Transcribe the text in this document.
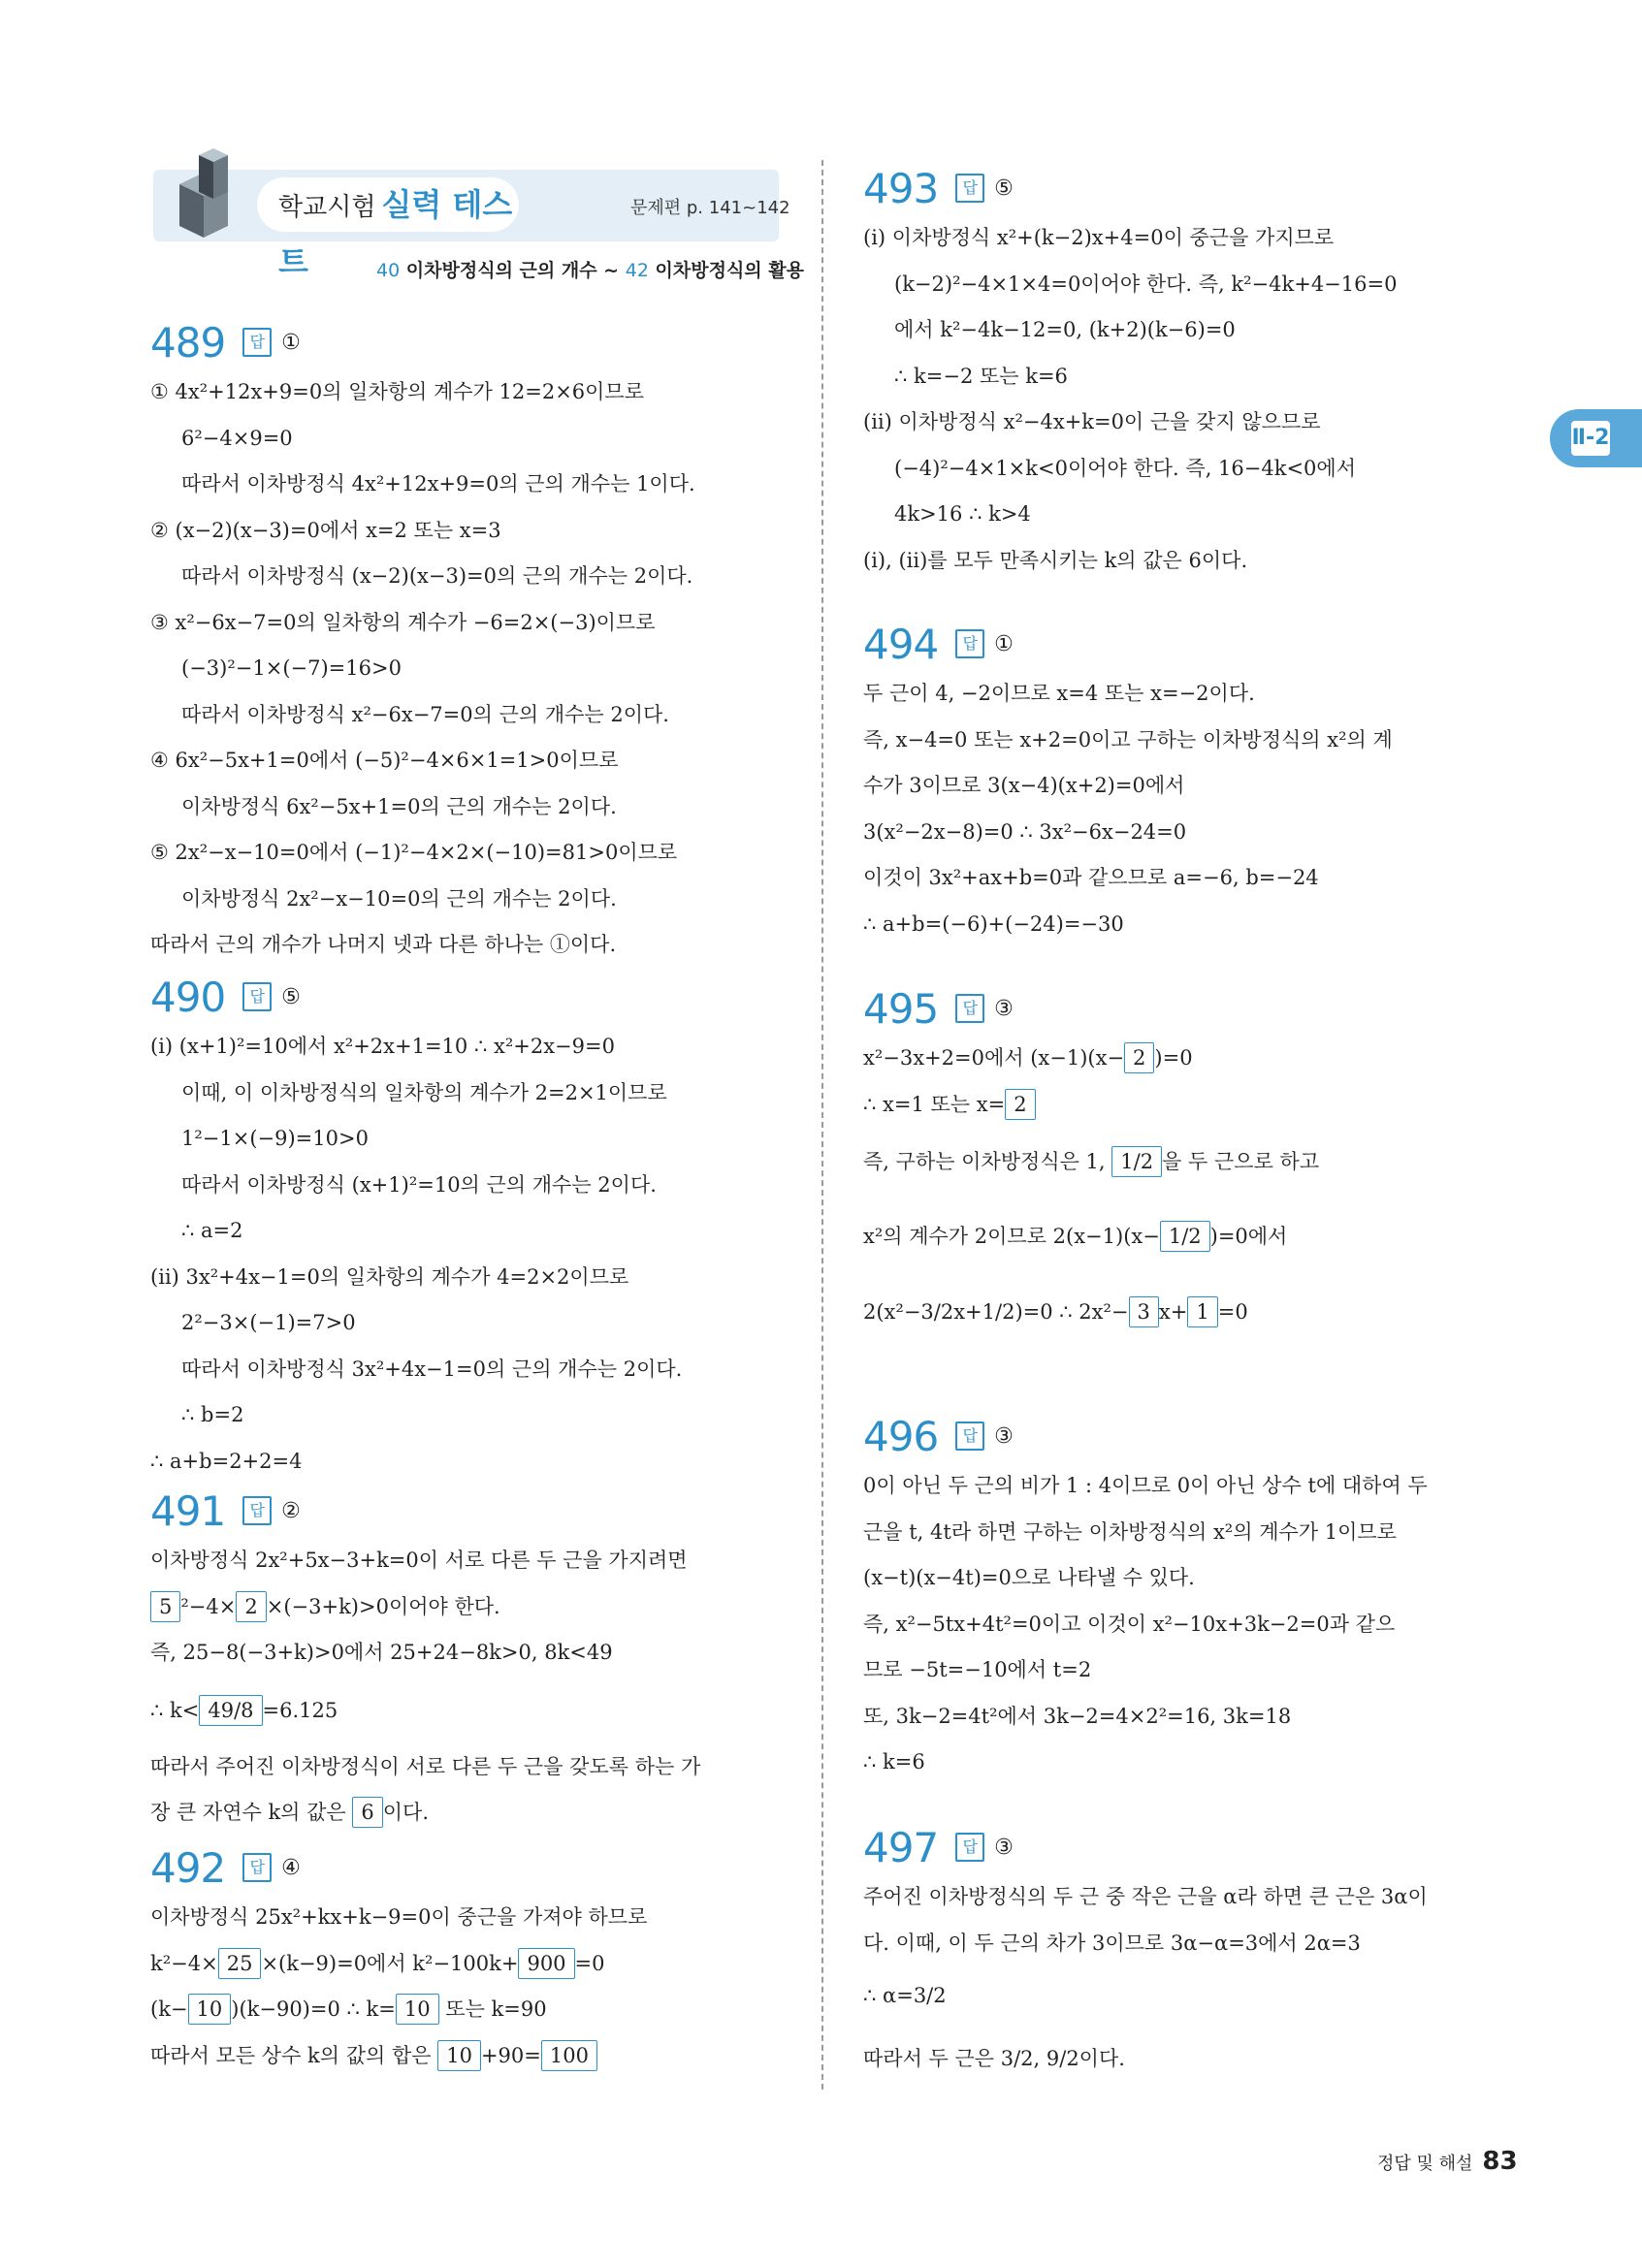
학교시험 실력 테스트
문제편 p. 141~142
40 이차방정식의 근의 개수 ~ 42 이차방정식의 활용
489	답 ①
① 4x²+12x+9=0의 일차항의 계수가 12=2×6이므로
6²−4×9=0
따라서 이차방정식 4x²+12x+9=0의 근의 개수는 1이다.
② (x−2)(x−3)=0에서 x=2 또는 x=3
따라서 이차방정식 (x−2)(x−3)=0의 근의 개수는 2이다.
③ x²−6x−7=0의 일차항의 계수가 −6=2×(−3)이므로
(−3)²−1×(−7)=16>0
따라서 이차방정식 x²−6x−7=0의 근의 개수는 2이다.
④ 6x²−5x+1=0에서 (−5)²−4×6×1=1>0이므로
이차방정식 6x²−5x+1=0의 근의 개수는 2이다.
⑤ 2x²−x−10=0에서 (−1)²−4×2×(−10)=81>0이므로
이차방정식 2x²−x−10=0의 근의 개수는 2이다.
따라서 근의 개수가 나머지 넷과 다른 하나는 ①이다.
490	답 ⑤
(ⅰ) (x+1)²=10에서 x²+2x+1=10 ∴ x²+2x−9=0
이때, 이 이차방정식의 일차항의 계수가 2=2×1이므로
1²−1×(−9)=10>0
따라서 이차방정식 (x+1)²=10의 근의 개수는 2이다.
∴ a=2
(ⅱ) 3x²+4x−1=0의 일차항의 계수가 4=2×2이므로
2²−3×(−1)=7>0
따라서 이차방정식 3x²+4x−1=0의 근의 개수는 2이다.
∴ b=2
∴ a+b=2+2=4
491	답 ②
이차방정식 2x²+5x−3+k=0이 서로 다른 두 근을 가지려면
5 ²−4× 2 ×(−3+k)>0이어야 한다.
즉, 25−8(−3+k)>0에서 25+24−8k>0, 8k<49
∴ k< 49/8 =6.125
따라서 주어진 이차방정식이 서로 다른 두 근을 갖도록 하는 가
장 큰 자연수 k의 값은 6 이다.
492	답 ④
이차방정식 25x²+kx+k−9=0이 중근을 가져야 하므로
k²−4× 25 ×(k−9)=0에서 k²−100k+ 900 =0
(k− 10 )(k−90)=0 ∴ k= 10 또는 k=90
따라서 모든 상수 k의 값의 합은 10 +90= 100
493	답 ⑤
(ⅰ) 이차방정식 x²+(k−2)x+4=0이 중근을 가지므로
(k−2)²−4×1×4=0이어야 한다. 즉, k²−4k+4−16=0
에서 k²−4k−12=0, (k+2)(k−6)=0
∴ k=−2 또는 k=6
(ⅱ) 이차방정식 x²−4x+k=0이 근을 갖지 않으므로
(−4)²−4×1×k<0이어야 한다. 즉, 16−4k<0에서
4k>16 ∴ k>4
(ⅰ), (ⅱ)를 모두 만족시키는 k의 값은 6이다.
494	답 ①
두 근이 4, −2이므로 x=4 또는 x=−2이다.
즉, x−4=0 또는 x+2=0이고 구하는 이차방정식의 x²의 계
수가 3이므로 3(x−4)(x+2)=0에서
3(x²−2x−8)=0 ∴ 3x²−6x−24=0
이것이 3x²+ax+b=0과 같으므로 a=−6, b=−24
∴ a+b=(−6)+(−24)=−30
495	답 ③
x²−3x+2=0에서 (x−1)(x− 2 )=0
∴ x=1 또는 x= 2
즉, 구하는 이차방정식은 1, 1/2 을 두 근으로 하고
x²의 계수가 2이므로 2(x−1)(x− 1/2 )=0에서
2(x²−3/2x+1/2)=0 ∴ 2x²− 3 x+ 1 =0
496	답 ③
0이 아닌 두 근의 비가 1 : 4이므로 0이 아닌 상수 t에 대하여 두
근을 t, 4t라 하면 구하는 이차방정식의 x²의 계수가 1이므로
(x−t)(x−4t)=0으로 나타낼 수 있다.
즉, x²−5tx+4t²=0이고 이것이 x²−10x+3k−2=0과 같으
므로 −5t=−10에서 t=2
또, 3k−2=4t²에서 3k−2=4×2²=16, 3k=18
∴ k=6
497	답 ③
주어진 이차방정식의 두 근 중 작은 근을 α라 하면 큰 근은 3α이
다. 이때, 이 두 근의 차가 3이므로 3α−α=3에서 2α=3
∴ α=3/2
따라서 두 근은 3/2, 9/2이다.
Ⅱ-2
정답 및 해설 83
